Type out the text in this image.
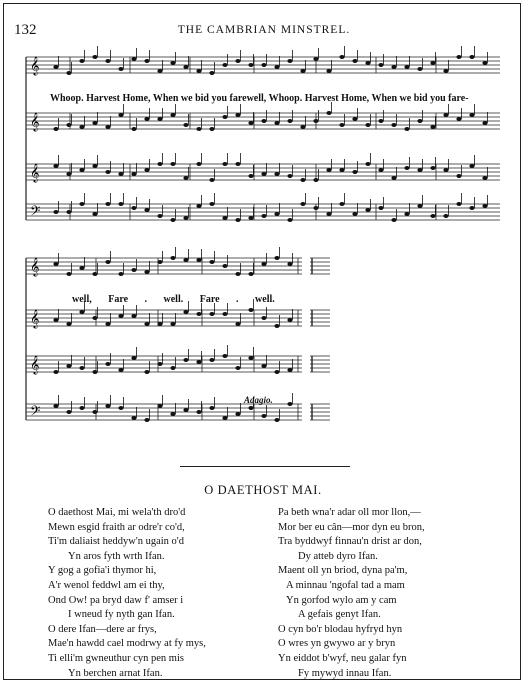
132	THE CAMBRIAN MINSTREL.
𝄞
𝄞
𝄞
𝄢
𝄞
𝄞
𝄞
𝄢
Whoop. Harvest Home, When we bid you farewell, Whoop. Harvest Home, When we bid you fare-
well, Fare . well. Fare . well.
Adagio.
O DAETHOST MAI.
O daethost Mai, mi wela'th dro'd
Mewn esgid fraith ar odre'r co'd,
Ti'm daliaist heddyw'n ugain o'd
Yn aros fyth wrth Ifan.
Y gog a gofia'i thymor hi,
A'r wenol feddwl am ei thy,
Ond Ow! pa bryd daw f' amser i
I wneud fy nyth gan Ifan.
O dere Ifan—dere ar frys,
Mae'n hawdd cael modrwy at fy mys,
Ti elli'm gwneuthur cyn pen mis
Yn berchen arnat Ifan.
Pa beth wna'r adar oll mor llon,—
Mor ber eu cân—mor dyn eu bron,
Tra byddwyf finnau'n drist ar don,
Dy atteb dyro Ifan.
Maent oll yn briod, dyna pa'm,
A minnau 'ngofal tad a mam
Yn gorfod wylo am y cam
A gefais genyt Ifan.
O cyn bo'r blodau hyfryd hyn
O wres yn gwywo ar y bryn
Yn eiddot b'wyf, neu galar fyn
Fy mywyd innau Ifan.
